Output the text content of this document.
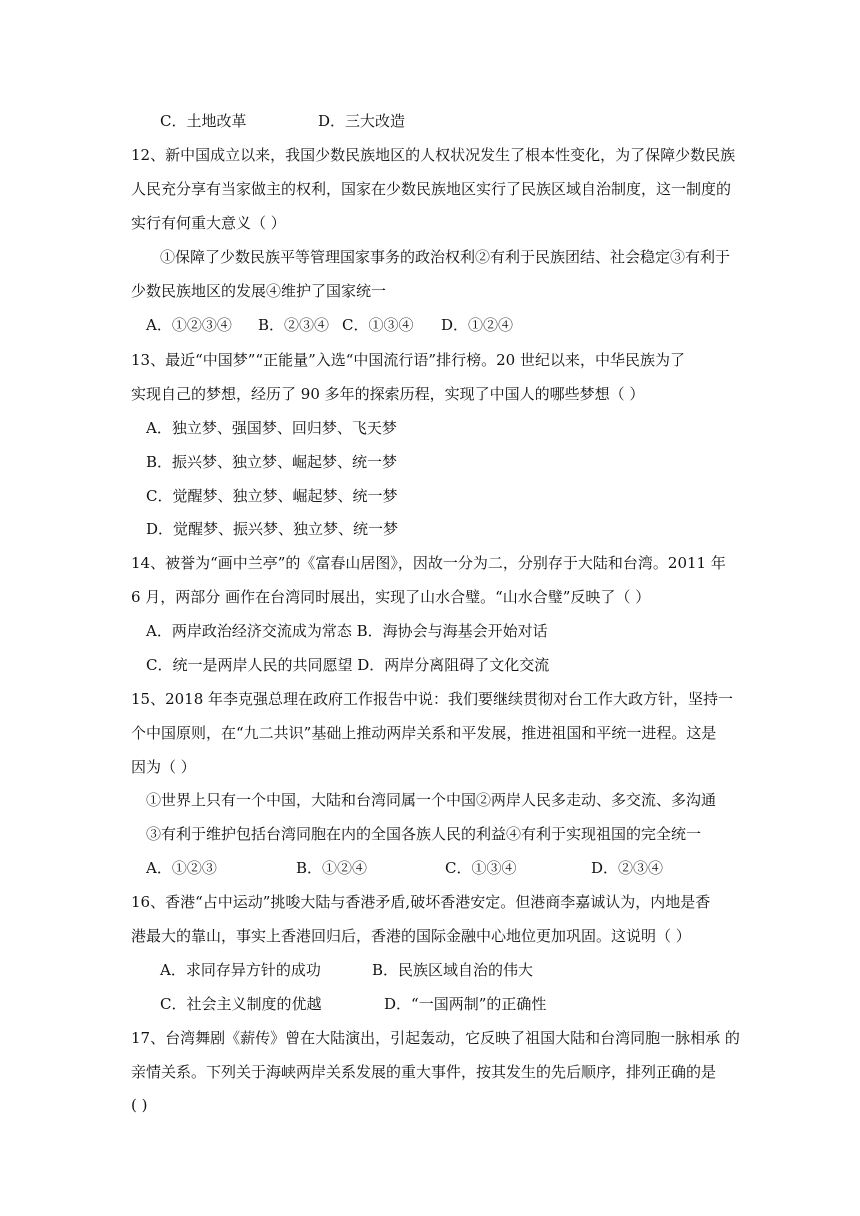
C．土地改革	D．三大改造
12、新中国成立以来，我国少数民族地区的人权状况发生了根本性变化，为了保障少数民族
人民充分享有当家做主的权利，国家在少数民族地区实行了民族区域自治制度，这一制度的
实行有何重大意义（ ）
①保障了少数民族平等管理国家事务的政治权利②有利于民族团结、社会稳定③有利于
少数民族地区的发展④维护了国家统一
A．①②③④ B．②③④ C．①③④ D．①②④
13、最近“中国梦”“正能量”入选“中国流行语”排行榜。20 世纪以来，中华民族为了
实现自己的梦想，经历了 90 多年的探索历程，实现了中国人的哪些梦想（ ）
A．独立梦、强国梦、回归梦、飞天梦
B．振兴梦、独立梦、崛起梦、统一梦
C．觉醒梦、独立梦、崛起梦、统一梦
D．觉醒梦、振兴梦、独立梦、统一梦
14、被誉为“画中兰亭”的《富春山居图》，因故一分为二，分别存于大陆和台湾。2011 年
6 月，两部分 画作在台湾同时展出，实现了山水合璧。“山水合璧”反映了（ ）
A．两岸政治经济交流成为常态 B．海协会与海基会开始对话
C．统一是两岸人民的共同愿望 D．两岸分离阻碍了文化交流
15、2018 年李克强总理在政府工作报告中说：我们要继续贯彻对台工作大政方针，坚持一
个中国原则，在“九二共识”基础上推动两岸关系和平发展，推进祖国和平统一进程。这是
因为（ ）
①世界上只有一个中国，大陆和台湾同属一个中国②两岸人民多走动、多交流、多沟通
③有利于维护包括台湾同胞在内的全国各族人民的利益④有利于实现祖国的完全统一
A．①②③	B．①②④	C．①③④	D．②③④
16、香港“占中运动”挑唆大陆与香港矛盾,破坏香港安定。但港商李嘉诚认为，内地是香
港最大的靠山，事实上香港回归后，香港的国际金融中心地位更加巩固。这说明（ ）
A．求同存异方针的成功	B．民族区域自治的伟大
C．社会主义制度的优越	D．“一国两制”的正确性
17、台湾舞剧《薪传》曾在大陆演出，引起轰动，它反映了祖国大陆和台湾同胞一脉相承 的
亲情关系。下列关于海峡两岸关系发展的重大事件，按其发生的先后顺序，排列正确的是
( )
